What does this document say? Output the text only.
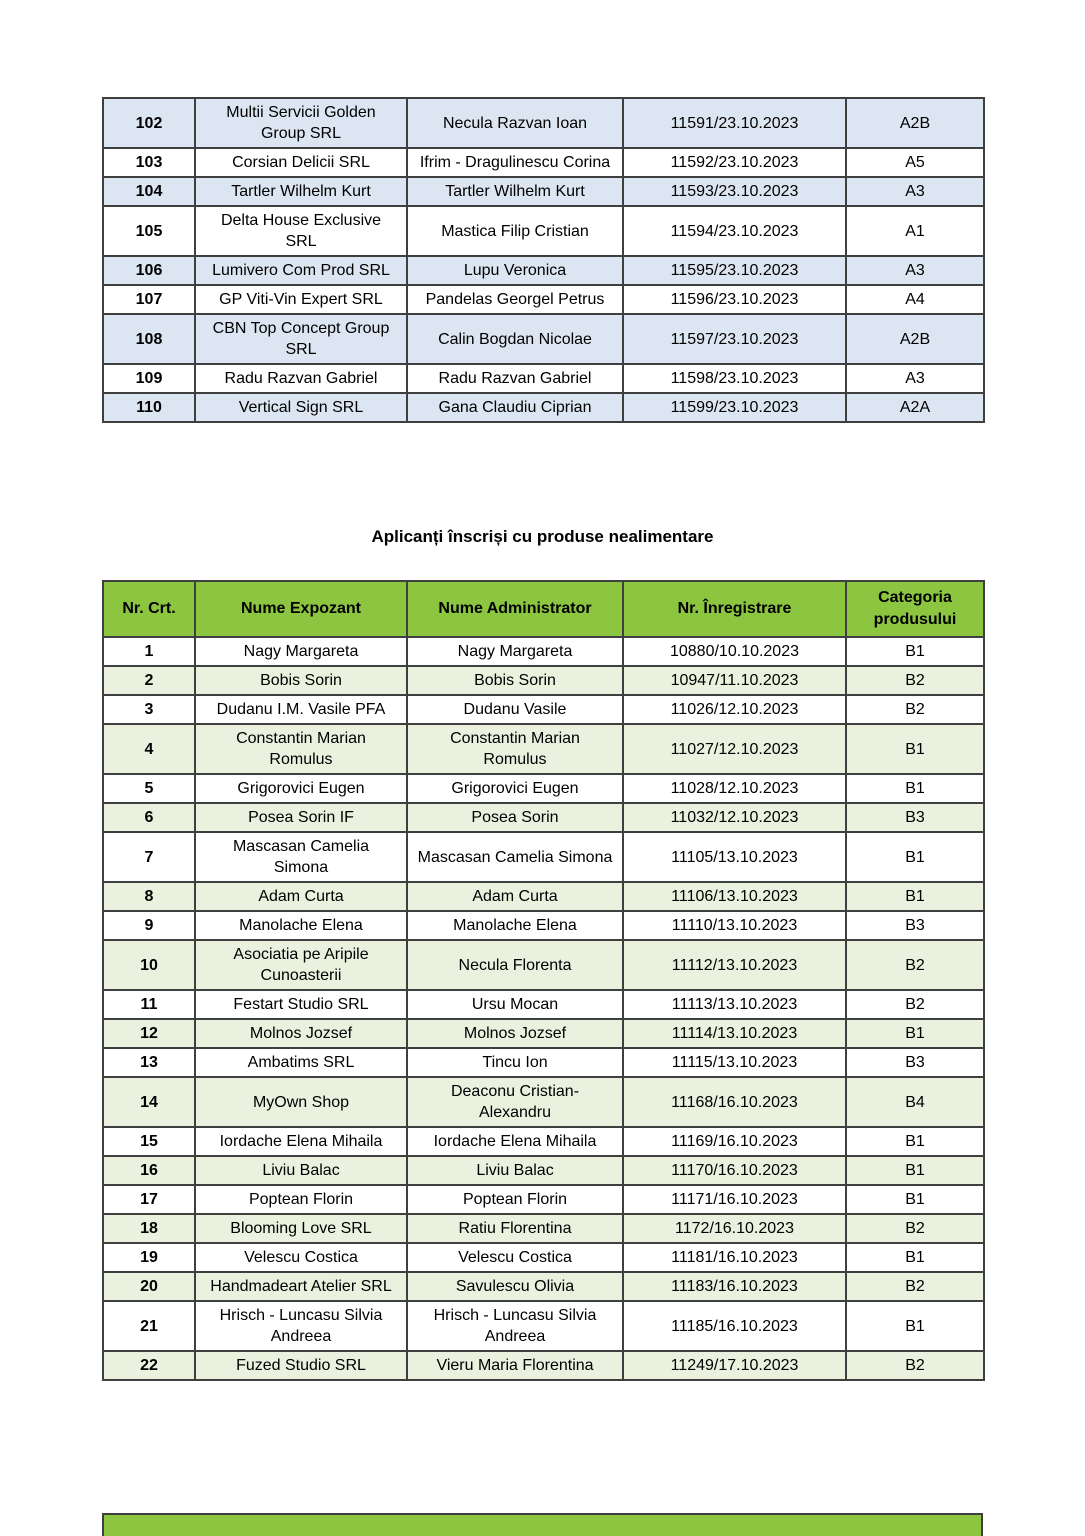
102	Multii Servicii Golden Group SRL	Necula Razvan Ioan	11591/23.10.2023	A2B
103	Corsian Delicii SRL	Ifrim - Dragulinescu Corina	11592/23.10.2023	A5
104	Tartler Wilhelm Kurt	Tartler Wilhelm Kurt	11593/23.10.2023	A3
105	Delta House Exclusive SRL	Mastica Filip Cristian	11594/23.10.2023	A1
106	Lumivero Com Prod SRL	Lupu Veronica	11595/23.10.2023	A3
107	GP Viti-Vin Expert SRL	Pandelas Georgel Petrus	11596/23.10.2023	A4
108	CBN Top Concept Group SRL	Calin Bogdan Nicolae	11597/23.10.2023	A2B
109	Radu Razvan Gabriel	Radu Razvan Gabriel	11598/23.10.2023	A3
110	Vertical Sign SRL	Gana Claudiu Ciprian	11599/23.10.2023	A2A
Aplicanți înscriși cu produse nealimentare
Nr. Crt.	Nume Expozant	Nume Administrator	Nr. Înregistrare	Categoria produsului
1	Nagy Margareta	Nagy Margareta	10880/10.10.2023	B1
2	Bobis Sorin	Bobis Sorin	10947/11.10.2023	B2
3	Dudanu I.M. Vasile PFA	Dudanu Vasile	11026/12.10.2023	B2
4	Constantin Marian Romulus	Constantin Marian Romulus	11027/12.10.2023	B1
5	Grigorovici Eugen	Grigorovici Eugen	11028/12.10.2023	B1
6	Posea Sorin IF	Posea Sorin	11032/12.10.2023	B3
7	Mascasan Camelia Simona	Mascasan Camelia Simona	11105/13.10.2023	B1
8	Adam Curta	Adam Curta	11106/13.10.2023	B1
9	Manolache Elena	Manolache Elena	11110/13.10.2023	B3
10	Asociatia pe Aripile Cunoasterii	Necula Florenta	11112/13.10.2023	B2
11	Festart Studio SRL	Ursu Mocan	11113/13.10.2023	B2
12	Molnos Jozsef	Molnos Jozsef	11114/13.10.2023	B1
13	Ambatims SRL	Tincu Ion	11115/13.10.2023	B3
14	MyOwn Shop	Deaconu Cristian-Alexandru	11168/16.10.2023	B4
15	Iordache Elena Mihaila	Iordache Elena Mihaila	11169/16.10.2023	B1
16	Liviu Balac	Liviu Balac	11170/16.10.2023	B1
17	Poptean Florin	Poptean Florin	11171/16.10.2023	B1
18	Blooming Love SRL	Ratiu Florentina	1172/16.10.2023	B2
19	Velescu Costica	Velescu Costica	11181/16.10.2023	B1
20	Handmadeart Atelier SRL	Savulescu Olivia	11183/16.10.2023	B2
21	Hrisch - Luncasu Silvia Andreea	Hrisch - Luncasu Silvia Andreea	11185/16.10.2023	B1
22	Fuzed Studio SRL	Vieru Maria Florentina	11249/17.10.2023	B2
